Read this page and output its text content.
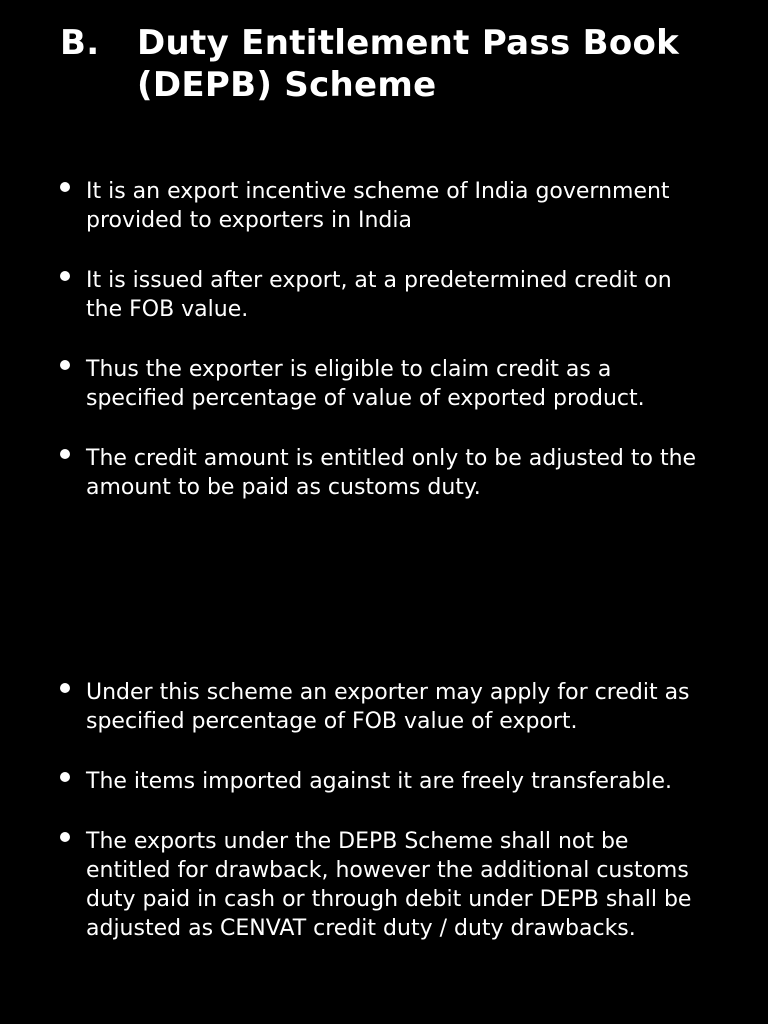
B.	Duty Entitlement Pass Book
(DEPB) Scheme
It is an export incentive scheme of India government provided to exporters in India
It is issued after export, at a predetermined credit on the FOB value.
Thus the exporter is eligible to claim credit as a specified percentage of value of exported product.
The credit amount is entitled only to be adjusted to the amount to be paid as customs duty.
Under this scheme an exporter may apply for credit as specified percentage of FOB value of export.
The items imported against it are freely transferable.
The exports under the DEPB Scheme shall not be entitled for drawback, however the additional customs duty paid in cash or through debit under DEPB shall be adjusted as CENVAT credit duty / duty drawbacks.
